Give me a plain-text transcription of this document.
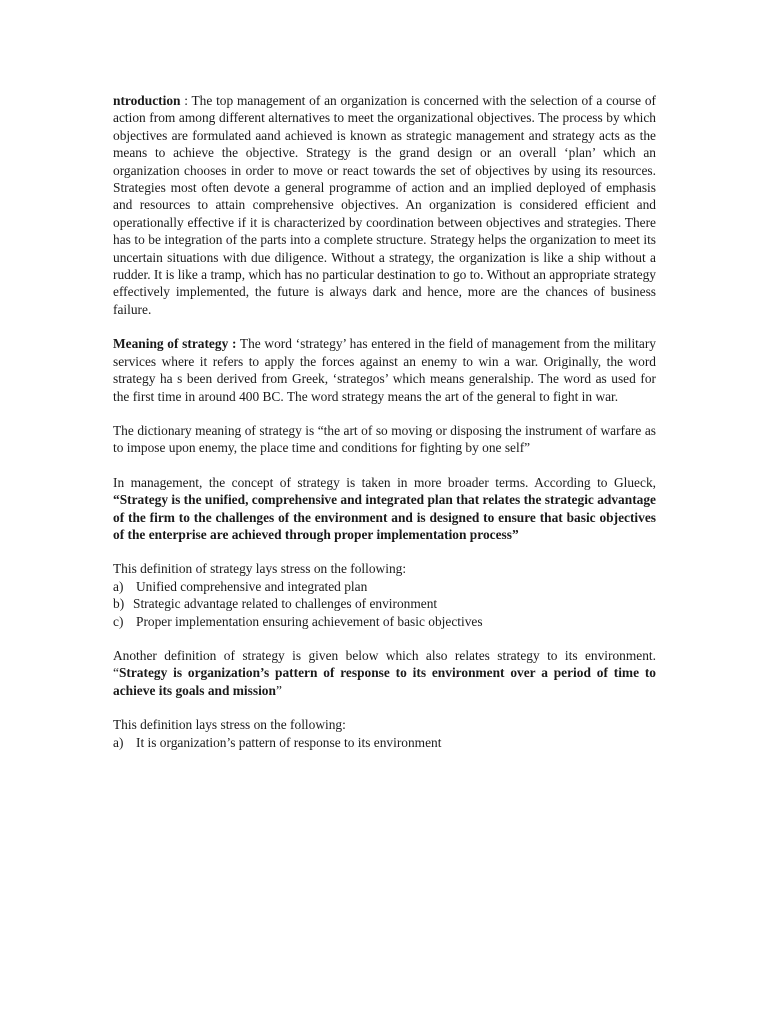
ntroduction : The top management of an organization is concerned with the selection of a course of action from among different alternatives to meet the organizational objectives. The process by which objectives are formulated aand achieved is known as strategic management and strategy acts as the means to achieve the objective. Strategy is the grand design or an overall ‘plan’ which an organization chooses in order to move or react towards the set of objectives by using its resources. Strategies most often devote a general programme of action and an implied deployed of emphasis and resources to attain comprehensive objectives. An organization is considered efficient and operationally effective if it is characterized by coordination between objectives and strategies. There has to be integration of the parts into a complete structure. Strategy helps the organization to meet its uncertain situations with due diligence. Without a strategy, the organization is like a ship without a rudder. It is like a tramp, which has no particular destination to go to. Without an appropriate strategy effectively implemented, the future is always dark and hence, more are the chances of business failure.

Meaning of strategy : The word ‘strategy’ has entered in the field of management from the military services where it refers to apply the forces against an enemy to win a war. Originally, the word strategy ha s been derived from Greek, ‘strategos’ which means generalship. The word as used for the first time in around 400 BC. The word strategy means the art of the general to fight in war.

The dictionary meaning of strategy is “the art of so moving or disposing the instrument of warfare as to impose upon enemy, the place time and conditions for fighting by one self”

In management, the concept of strategy is taken in more broader terms. According to Glueck, “Strategy is the unified, comprehensive and integrated plan that relates the strategic advantage of the firm to the challenges of the environment and is designed to ensure that basic objectives of the enterprise are achieved through proper implementation process”

This definition of strategy lays stress on the following:

a) Unified comprehensive and integrated plan

b) Strategic advantage related to challenges of environment

c) Proper implementation ensuring achievement of basic objectives

Another definition of strategy is given below which also relates strategy to its environment. “Strategy is organization’s pattern of response to its environment over a period of time to achieve its goals and mission”

This definition lays stress on the following:

a) It is organization’s pattern of response to its environment
